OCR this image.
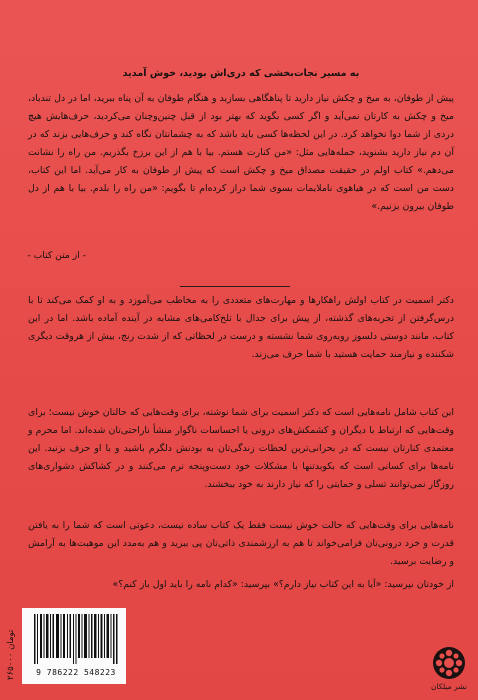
به مسیر نجات‌بخشی که دری‌اش بودید، خوش آمدید
پیش از طوفان، به میخ و چکش نیاز دارید تا پناهگاهی بسازید و هنگام طوفان به آن پناه ببرید، اما در دل تندباد، میخ و چکش به کارتان نمی‌آید و اگر کسی بگوید که بهتر بود از قبل چنین‌وچنان می‌کردید، حرف‌هایش هیچ دردی از شما دوا نخواهد کرد. در این لحظه‌ها کسی باید باشد که به چشمانتان نگاه کند و حرف‌هایی بزند که در آن دم نیاز دارید بشنوید، جمله‌هایی مثل: «من کنارت هستم. بیا با هم از این برزخ بگذریم. من راه را نشانت می‌دهم.» کتاب اولم در حقیقت مصداق میخ و چکش است که پیش از طوفان به کار می‌آید. اما این کتاب، دست من است که در هیاهوی ناملایمات بسوی شما دراز کرده‌ام تا بگویم: «من راه را بلدم. بیا با هم از دل طوفان بیرون بزنیم.»
- از متن کتاب -
دکتر اسمیت در کتاب اولش راهکارها و مهارت‌های متعددی را به مخاطب می‌آموزد و به او کمک می‌کند تا با درس‌گرفتن از تجربه‌های گذشته، از پیش برای جدال با تلخ‌کامی‌های مشابه در آینده آماده باشد. اما در این کتاب، مانند دوستی دلسوز روبه‌روی شما نشسته و درست در لحظاتی که از شدت رنج، بیش از هروقت دیگری شکننده و نیازمند حمایت هستید با شما حرف می‌زند.
این کتاب شامل نامه‌هایی است که دکتر اسمیت برای شما نوشته، برای وقت‌هایی که حالتان خوش نیست؛ برای وقت‌هایی که ارتباط با دیگران و کشمکش‌های درونی یا احساسات ناگوار منشأ ناراحتی‌تان شده‌اند. اما محرم و معتمدی کنارتان نیست که در بحرانی‌ترین لحظات زندگی‌تان به بودنش دلگرم باشید و با او حرف بزنید. این نامه‌ها برای کسانی است که بکوبدتنها با مشکلات خود دست‌وپنجه نرم می‌کنند و در کشاکش دشواری‌های روزگار نمی‌توانند تسلی و حمایتی را که نیاز دارند به خود ببخشند.
نامه‌هایی برای وقت‌هایی که حالت خوش نیست فقط یک کتاب ساده نیست، دعوتی است که شما را به یافتن قدرت و خرد درونی‌تان فرامی‌خواند تا هم به ارزشمندی ذاتی‌تان پی ببرید و هم به‌مدد این موهبت‌ها به آرامش و رضایت برسید.
از خودتان نپرسید: «آیا به این کتاب نیاز دارم؟» بپرسید: «کدام نامه را باید اول باز کنم؟»
۲۶۵۰۰۰ تومان
9 786222 548223
نشر میلکان
